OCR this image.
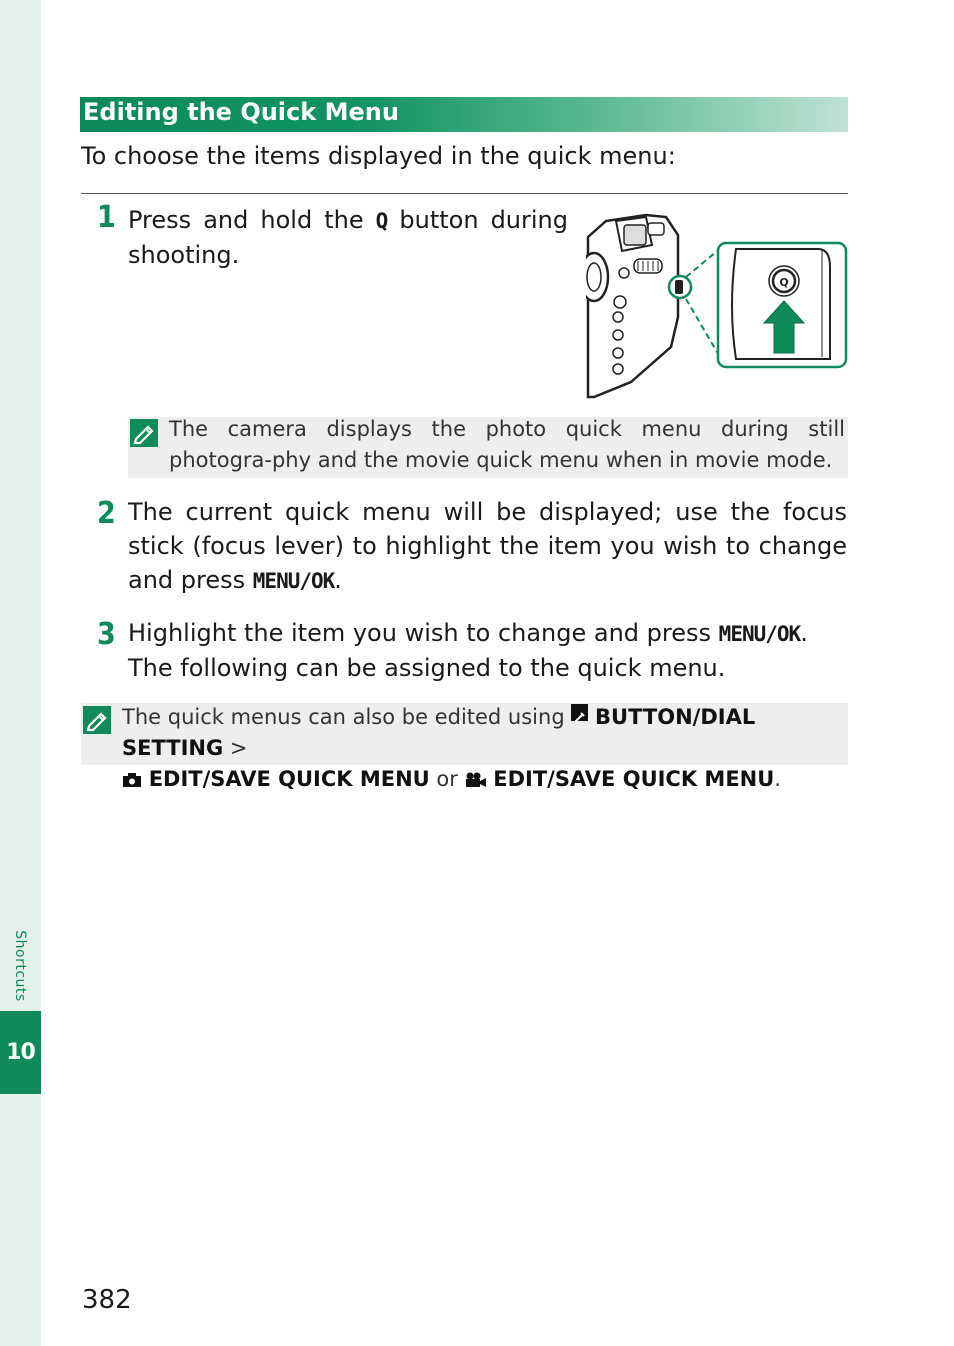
Shortcuts
10
Editing the Quick Menu
To choose the items displayed in the quick menu:
1 Press and hold the Q button during shooting.
Q
The camera displays the photo quick menu during still photogra-phy and the movie quick menu when in movie mode.
2 The current quick menu will be displayed; use the focus stick (focus lever) to highlight the item you wish to change and press MENU/OK.
3 Highlight the item you wish to change and press MENU/OK.
The following can be assigned to the quick menu.
The quick menus can also be edited using BUTTON/DIAL SETTING >
EDIT/SAVE QUICK MENU or EDIT/SAVE QUICK MENU.
382
